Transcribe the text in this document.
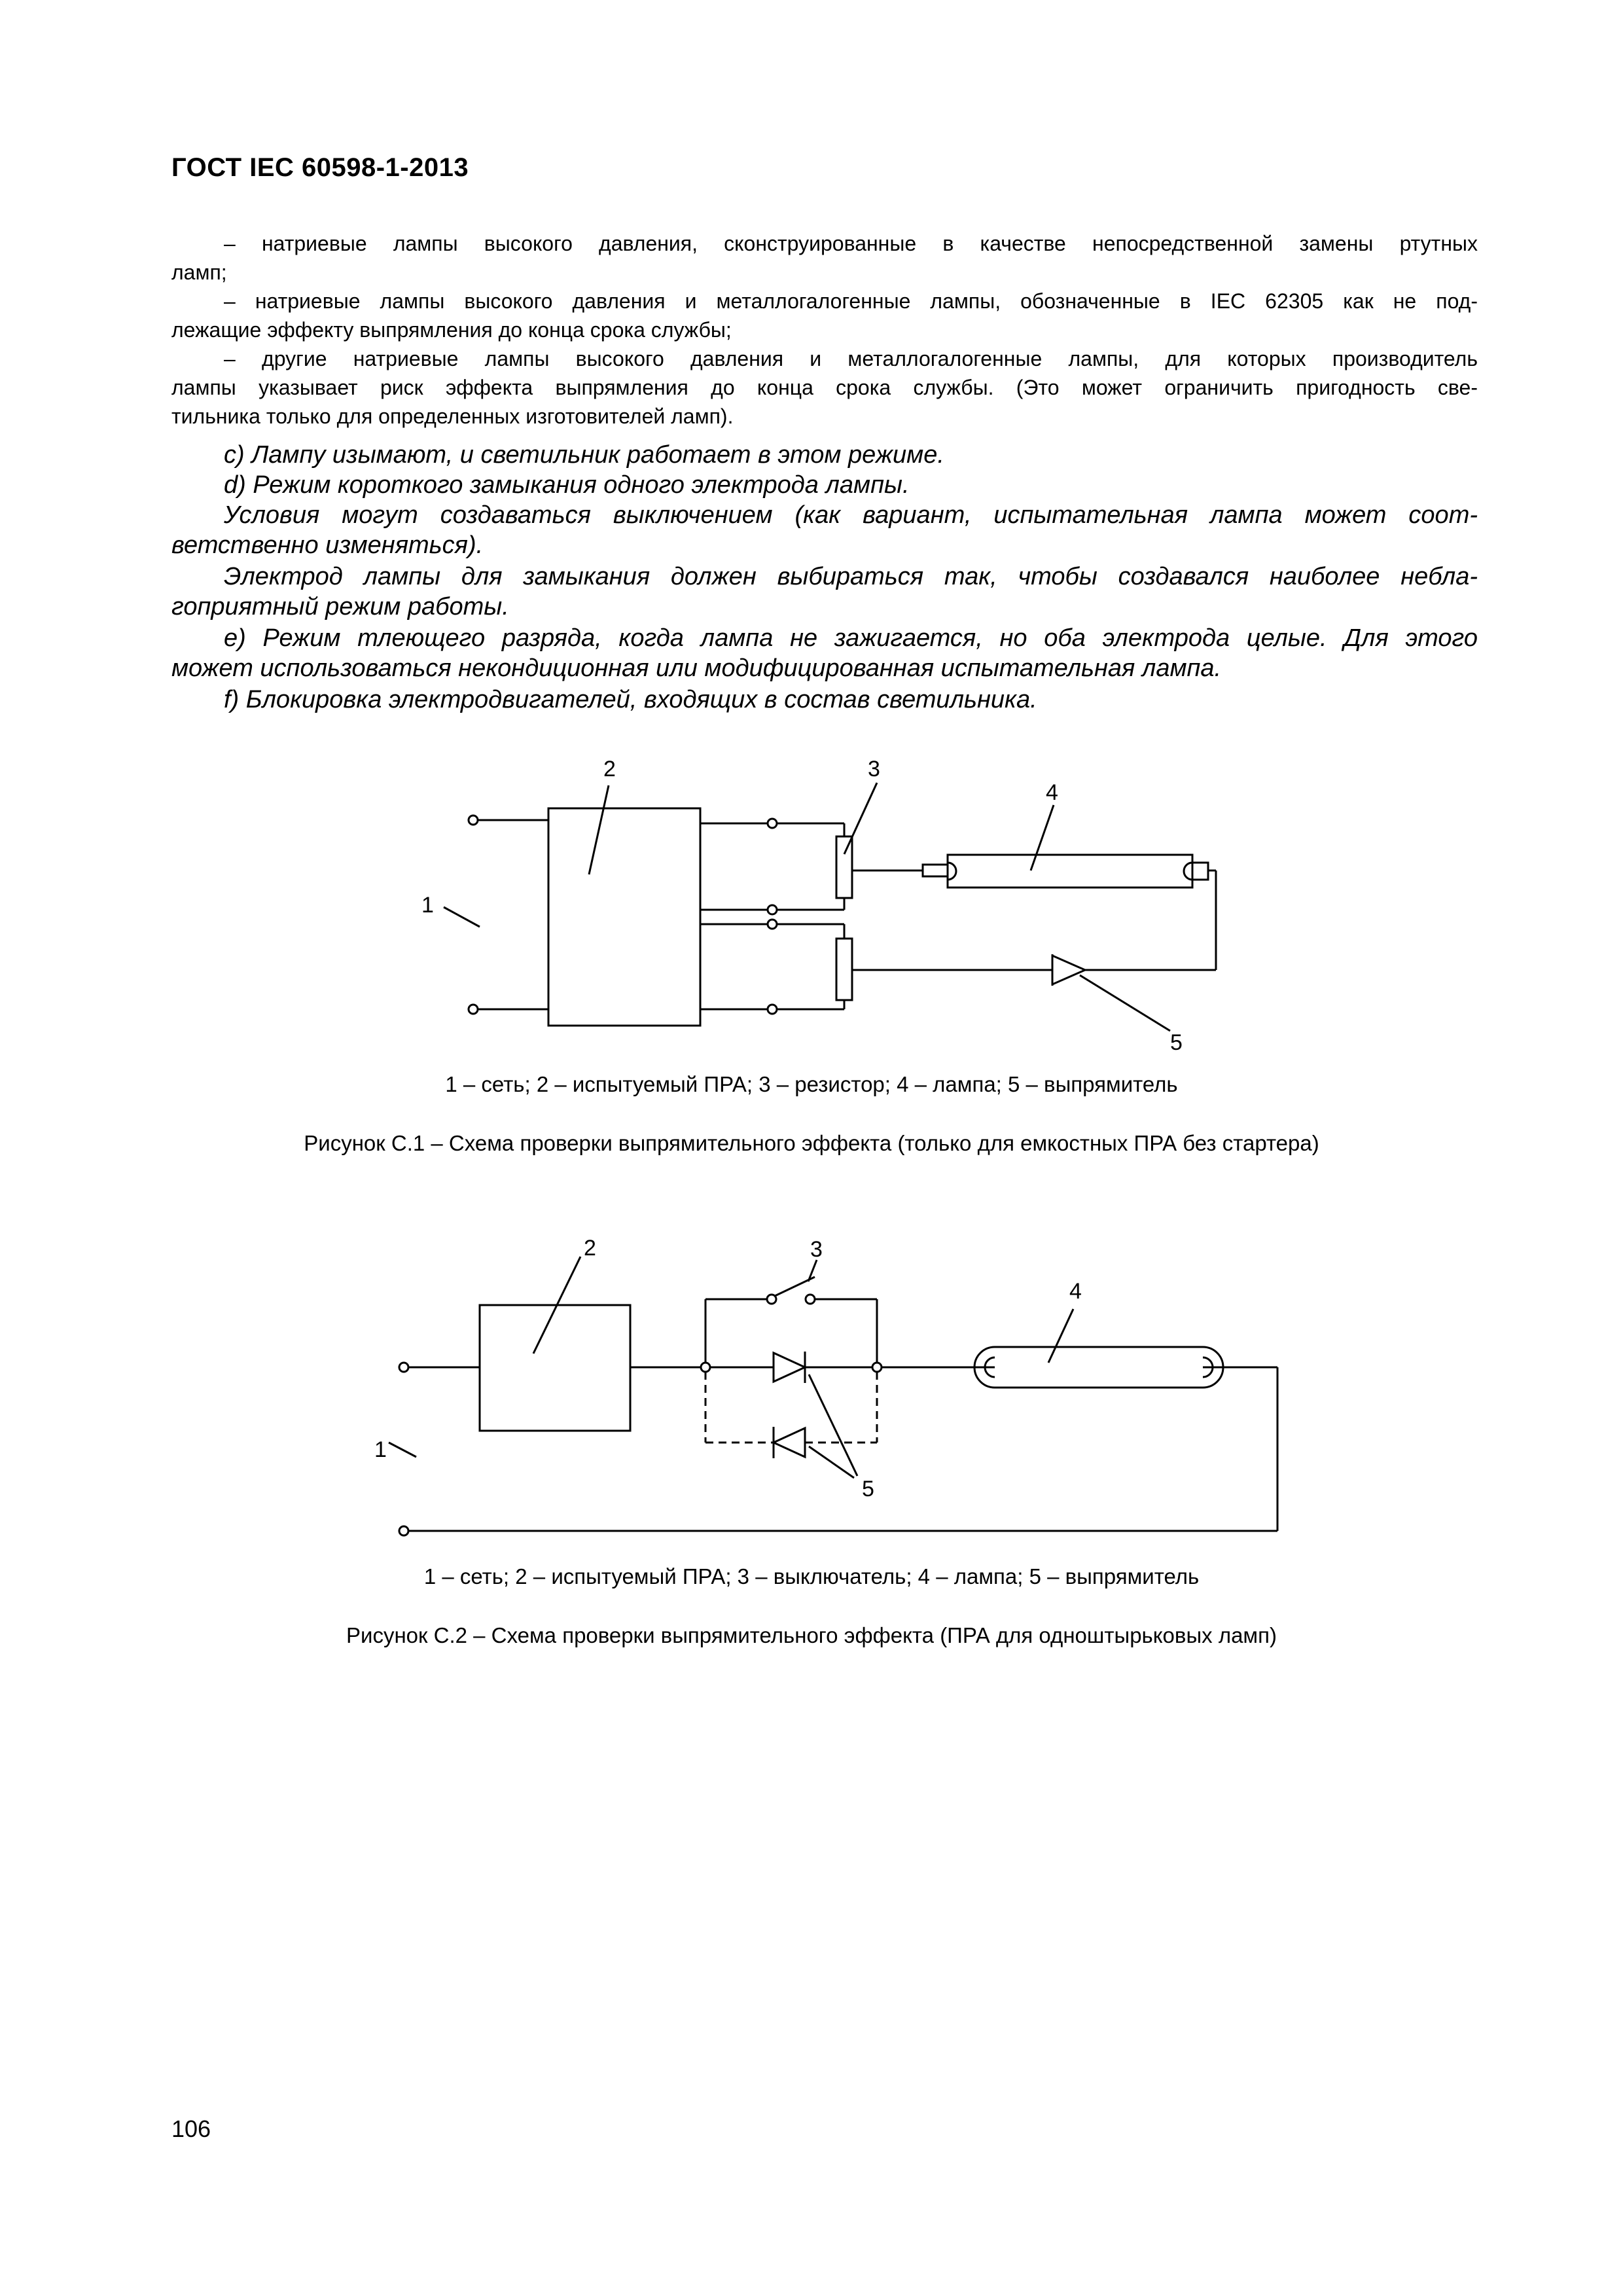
ГОСТ IEC 60598-1-2013
– натриевые лампы высокого давления, сконструированные в качестве непосредственной замены ртутных
ламп;
– натриевые лампы высокого давления и металлогалогенные лампы, обозначенные в IEC 62305 как не под-
лежащие эффекту выпрямления до конца срока службы;
– другие натриевые лампы высокого давления и металлогалогенные лампы, для которых производитель
лампы указывает риск эффекта выпрямления до конца срока службы. (Это может ограничить пригодность све-
тильника только для определенных изготовителей ламп).
c) Лампу изымают, и светильник работает в этом режиме.
d) Режим короткого замыкания одного электрода лампы.
Условия могут создаваться выключением (как вариант, испытательная лампа может соот-
ветственно изменяться).
Электрод лампы для замыкания должен выбираться так, чтобы создавался наиболее небла-
гоприятный режим работы.
e) Режим тлеющего разряда, когда лампа не зажигается, но оба электрода целые. Для этого
может использоваться некондиционная или модифицированная испытательная лампа.
f) Блокировка электродвигателей, входящих в состав светильника.
1
2	3
4
5
1
2	3
4
5
1 – сеть; 2 – испытуемый ПРА; 3 – резистор; 4 – лампа; 5 – выпрямитель
Рисунок С.1 – Схема проверки выпрямительного эффекта (только для емкостных ПРА без стартера)
1 – сеть; 2 – испытуемый ПРА; 3 – выключатель; 4 – лампа; 5 – выпрямитель
Рисунок С.2 – Схема проверки выпрямительного эффекта (ПРА для одноштырьковых ламп)
106
